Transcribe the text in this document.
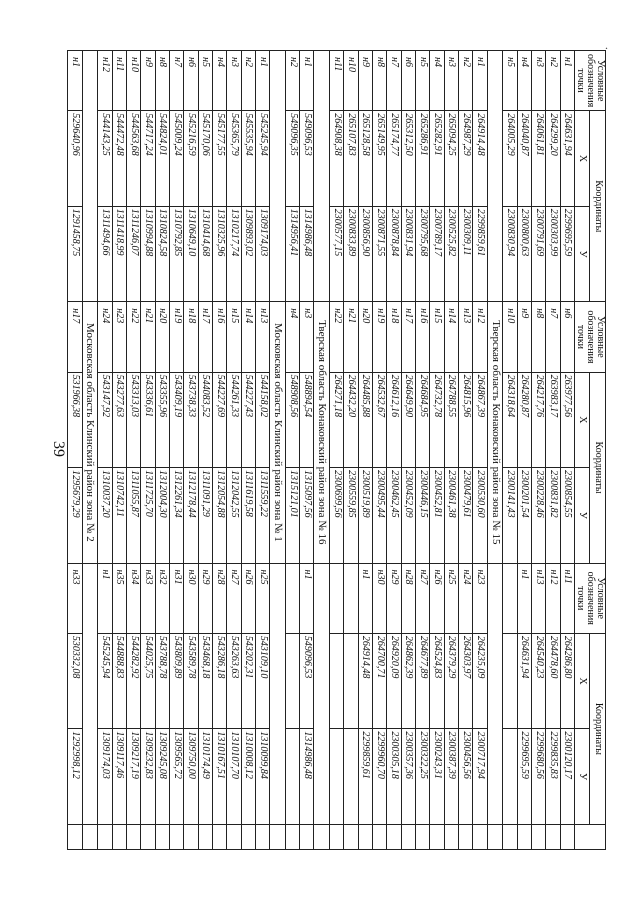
39
.
Условные обозначения точки	Координаты		Условные обозначения точки	Координаты		Условные обозначения точки	Координаты		
	X	У		X	У		X	У	
н1	264631,94	2299695,59	н6	263977,56	2300854,55	н11	264286,80	2300120,17	
н2	264299,20	2300303,99	н7	263983,17	2300831,82	н12	264478,60	2299835,83	
н3	264061,81	2300791,69	н8	264217,76	2300228,46	н13	264540,23	2299680,56	
н4	264040,87	2300800,63	н9	264280,87	2300201,54	н1	264631,94	2299695,59	
н5	264005,29	2300830,94	н10	264318,64	2300141,43				
			Тверская область Конаковский район зона № 15						
н1	264914,48	2299859,61	н12	264867,39	2300530,60	н23	264235,09	2300717,94	
н2	264987,29	2300309,11	н13	264815,96	2300479,61	н24	264303,97	2300456,56	
н3	265094,25	2300525,82	н14	264788,55	2300461,38	н25	264379,29	2300387,39	
н4	265282,91	2300789,17	н15	264732,78	2300452,81	н26	264524,83	2300243,31	
н5	265286,91	2300795,68	н16	264684,95	2300446,15	н27	264677,89	2300322,25	
н6	265312,50	2300831,94	н17	264649,90	2300452,09	н28	264862,39	2300357,36	
н7	265174,77	2300878,84	н18	264612,16	2300462,45	н29	264920,09	2300305,18	
н8	265149,95	2300871,55	н19	264532,67	2300495,44	н30	264700,71	2299960,70	
н9	265128,58	2300856,90	н20	264485,88	2300519,89	н1	264914,48	2299859,61	
н10	265107,83	2300833,89	н21	264432,20	2300559,85				
н11	264908,38	2300577,15	н22	264271,18	2300699,56				
			Тверская область Конаковский район зона № 16						
н1	549096,53	1314986,48	н3	548894,54	1315097,56	н1	549096,53	1314986,48	
н2	549096,35	1314956,41	н4	548908,56	1315121,01				
			Московская область Клинский район зона № 1						
н1	545245,94	1309174,03	н13	544158,02	1311559,22	н25	543109,10	1310099,84	
н2	545535,94	1309893,02	н14	544227,43	1311619,58	н26	543202,31	1310008,12	
н3	545365,79	1310217,74	н15	544261,33	1312042,55	н27	543263,63	1310107,70	
н4	545177,55	1310325,96	н16	544227,69	1312054,88	н28	543286,18	1310167,51	
н5	545170,06	1310414,68	н17	544083,52	1311091,29	н29	543468,18	1310174,49	
н6	545216,59	1310649,10	н18	543738,33	1312178,44	н30	543589,78	1309750,00	
н7	545009,24	1310792,85	н19	543409,19	1312261,34	н31	543809,89	1309565,72	
н8	544824,01	1310824,58	н20	543355,96	1312004,30	н32	543788,78	1309245,08	
н9	544717,24	1310994,88	н21	543336,61	1311725,70	н33	544025,75	1309232,83	
н10	544563,68	1311246,07	н22	543313,03	1311055,87	н34	544282,92	1309217,19	
н11	544472,48	1311418,99	н23	543277,63	1310742,11	н35	544888,83	1309117,46	
н12	544143,25	1311494,66	н24	543147,92	1310037,20	н1	545245,94	1309174,03	
			Московская область Клинский район зона № 2						
н1	529640,96	1291458,75	н17	531966,38	1295679,29	н33	530332,08	1292998,12	
